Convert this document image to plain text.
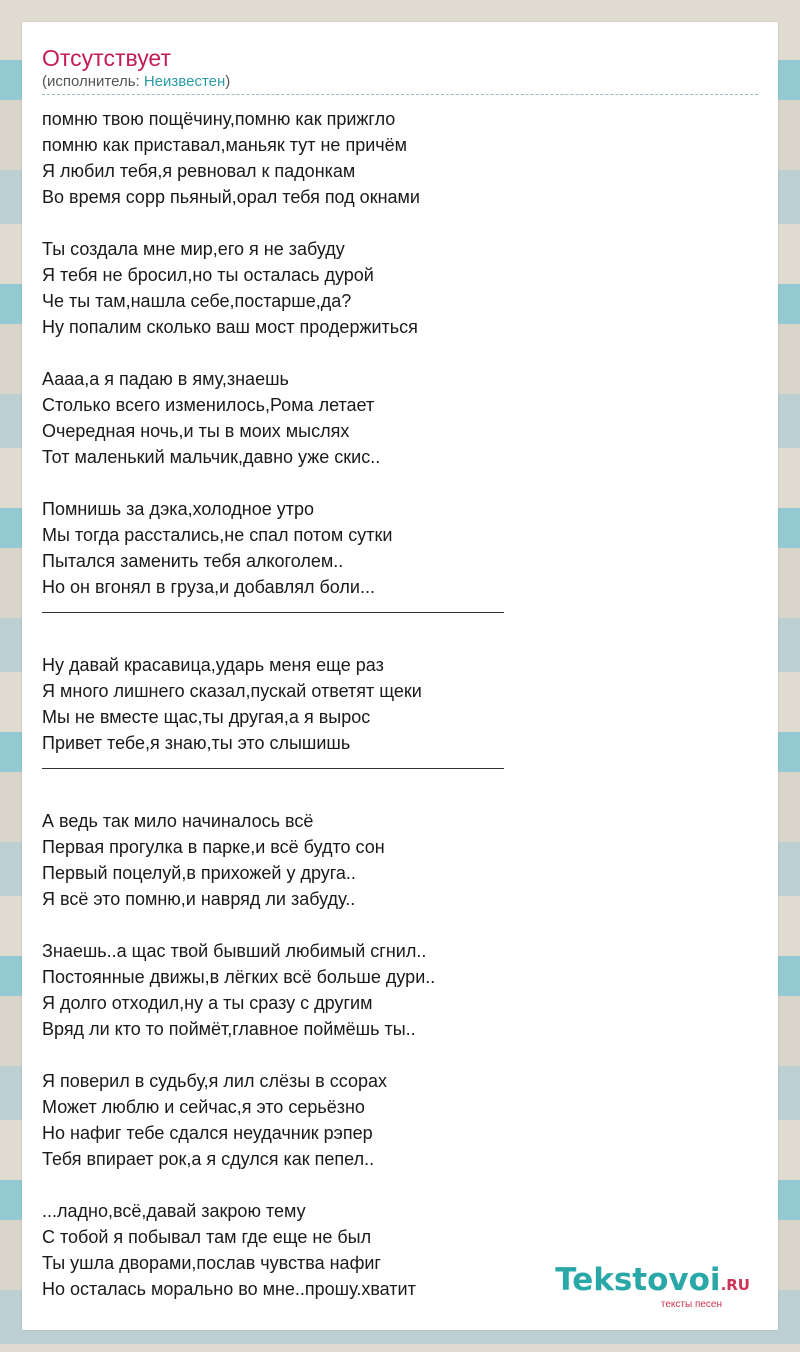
Отсутствует
(исполнитель: Неизвестен)
помню твою пощёчину,помню как прижгло
помню как приставал,маньяк тут не причём
Я любил тебя,я ревновал к падонкам
Во время сорр пьяный,орал тебя под окнами
Ты создала мне мир,его я не забуду
Я тебя не бросил,но ты осталась дурой
Че ты там,нашла себе,постарше,да?
Ну попалим сколько ваш мост продержиться
Аааа,а я падаю в яму,знаешь
Столько всего изменилось,Рома летает
Очередная ночь,и ты в моих мыслях
Тот маленький мальчик,давно уже скис..
Помнишь за дэка,холодное утро
Мы тогда расстались,не спал потом сутки
Пытался заменить тебя алкоголем..
Но он вгонял в груза,и добавлял боли...
Ну давай красавица,ударь меня еще раз
Я много лишнего сказал,пускай ответят щеки
Мы не вместе щас,ты другая,а я вырос
Привет тебе,я знаю,ты это слышишь
А ведь так мило начиналось всё
Первая прогулка в парке,и всё будто сон
Первый поцелуй,в прихожей у друга..
Я всё это помню,и навряд ли забуду..
Знаешь..а щас твой бывший любимый сгнил..
Постоянные движы,в лёгких всё больше дури..
Я долго отходил,ну а ты сразу с другим
Вряд ли кто то поймёт,главное поймёшь ты..
Я поверил в судьбу,я лил слёзы в ссорах
Может люблю и сейчас,я это серьёзно
Но нафиг тебе сдался неудачник рэпер
Тебя впирает рок,а я сдулся как пепел..
...ладно,всё,давай закрою тему
С тобой я побывал там где еще не был
Ты ушла дворами,послав чувства нафиг
Но осталась морально во мне..прошу.хватит	Tekstovoi.RU
тексты песен
